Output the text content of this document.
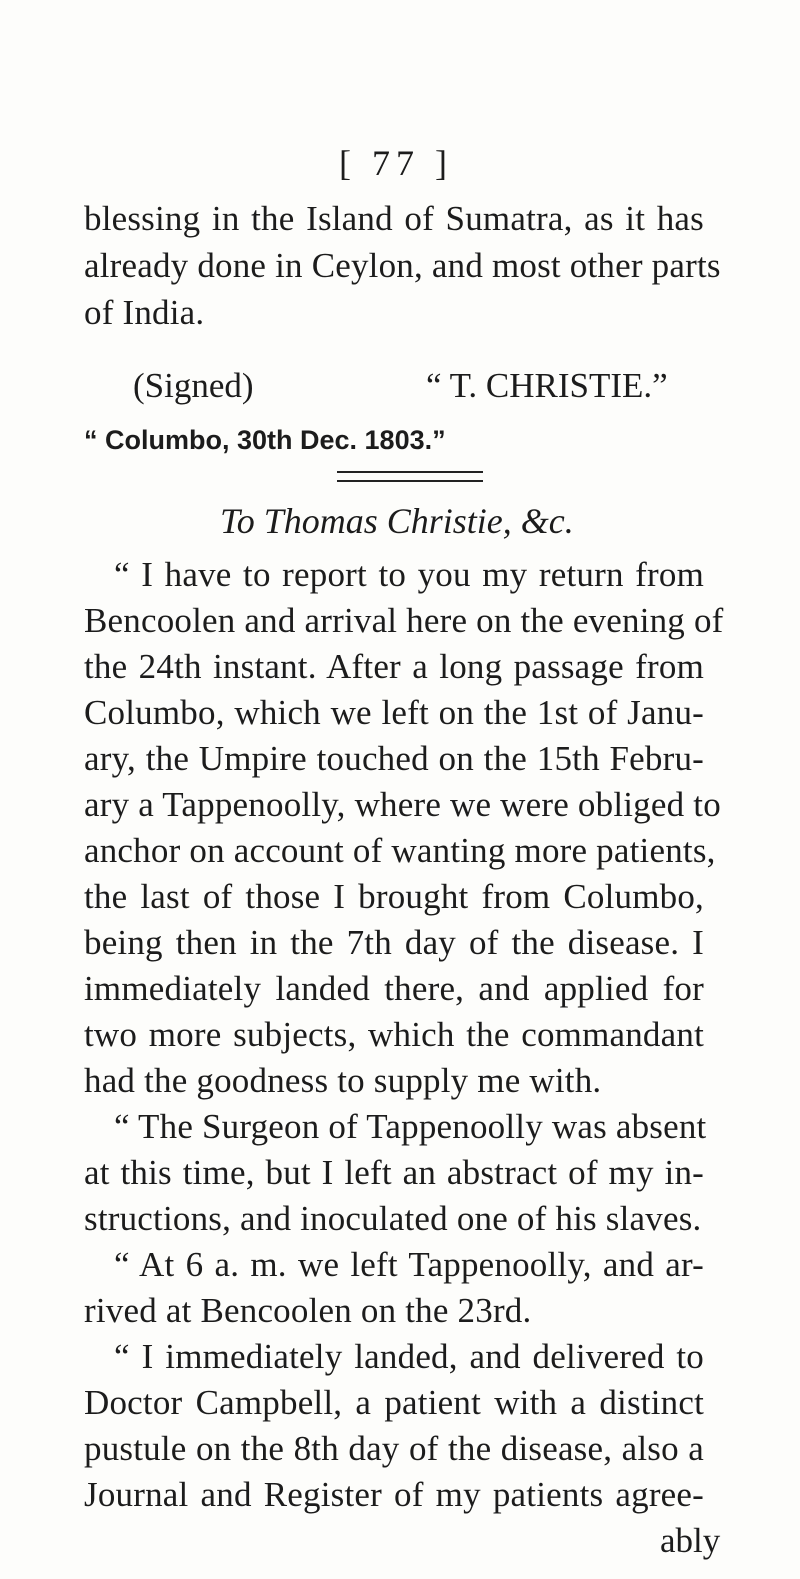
[ 77 ]
blessing in the Island of Sumatra, as it has
already done in Ceylon, and most other parts
of India.
(Signed)	“ T. CHRISTIE.”
“ Columbo, 30th Dec. 1803.”
To Thomas Christie, &c.
“ I have to report to you my return from
Bencoolen and arrival here on the evening of
the 24th instant. After a long passage from
Columbo, which we left on the 1st of Janu-
ary, the Umpire touched on the 15th Febru-
ary a Tappenoolly, where we were obliged to
anchor on account of wanting more patients,
the last of those I brought from Columbo,
being then in the 7th day of the disease. I
immediately landed there, and applied for
two more subjects, which the commandant
had the goodness to supply me with.
“ The Surgeon of Tappenoolly was absent
at this time, but I left an abstract of my in-
structions, and inoculated one of his slaves.
“ At 6 a. m. we left Tappenoolly, and ar-
rived at Bencoolen on the 23rd.
“ I immediately landed, and delivered to
Doctor Campbell, a patient with a distinct
pustule on the 8th day of the disease, also a
Journal and Register of my patients agree-
ably
